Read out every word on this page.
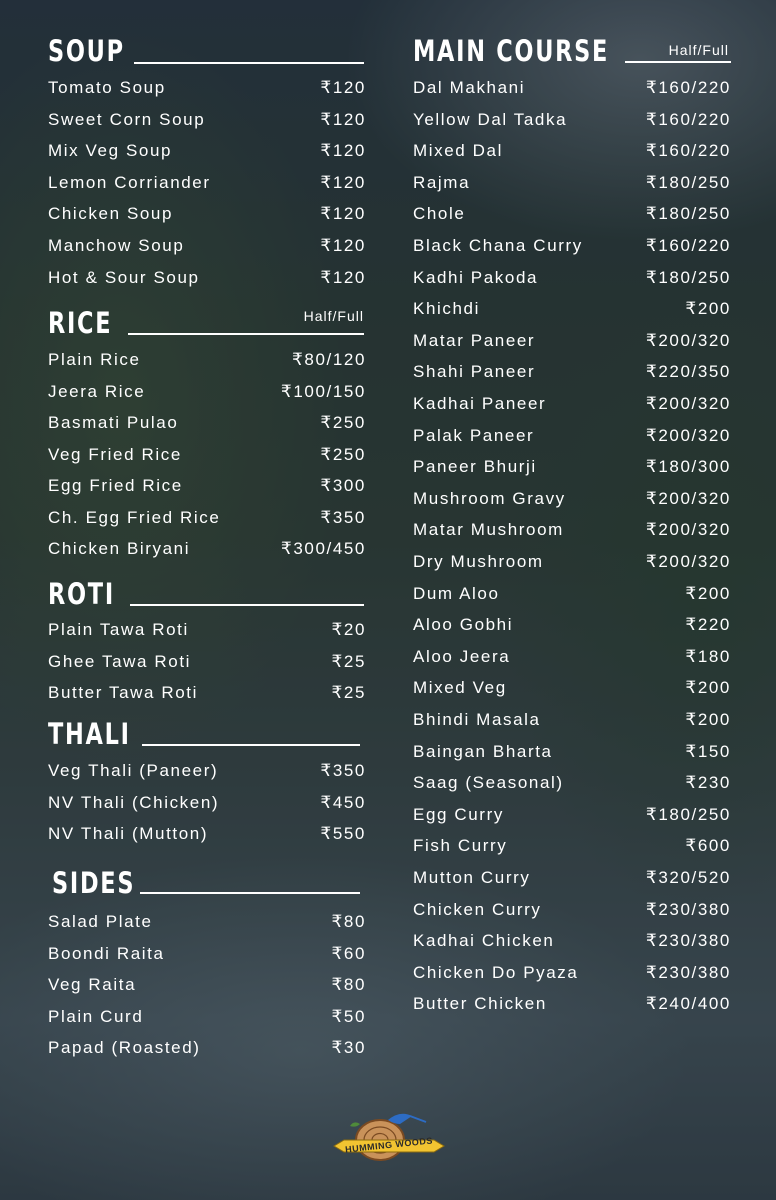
SOUP
Tomato Soup	₹120
Sweet Corn Soup	₹120
Mix Veg Soup	₹120
Lemon Corriander	₹120
Chicken Soup	₹120
Manchow Soup	₹120
Hot & Sour Soup	₹120
RICE	Half/Full
Plain Rice	₹80/120
Jeera Rice	₹100/150
Basmati Pulao	₹250
Veg Fried Rice	₹250
Egg Fried Rice	₹300
Ch. Egg Fried Rice	₹350
Chicken Biryani	₹300/450
ROTI
Plain Tawa Roti	₹20
Ghee Tawa Roti	₹25
Butter Tawa Roti	₹25
THALI
Veg Thali (Paneer)	₹350
NV Thali (Chicken)	₹450
NV Thali (Mutton)	₹550
SIDES
Salad Plate	₹80
Boondi Raita	₹60
Veg Raita	₹80
Plain Curd	₹50
Papad (Roasted)	₹30
MAIN COURSE	Half/Full
Dal Makhani	₹160/220
Yellow Dal Tadka	₹160/220
Mixed Dal	₹160/220
Rajma	₹180/250
Chole	₹180/250
Black Chana Curry	₹160/220
Kadhi Pakoda	₹180/250
Khichdi	₹200
Matar Paneer	₹200/320
Shahi Paneer	₹220/350
Kadhai Paneer	₹200/320
Palak Paneer	₹200/320
Paneer Bhurji	₹180/300
Mushroom Gravy	₹200/320
Matar Mushroom	₹200/320
Dry Mushroom	₹200/320
Dum Aloo	₹200
Aloo Gobhi	₹220
Aloo Jeera	₹180
Mixed Veg	₹200
Bhindi Masala	₹200
Baingan Bharta	₹150
Saag (Seasonal)	₹230
Egg Curry	₹180/250
Fish Curry	₹600
Mutton Curry	₹320/520
Chicken Curry	₹230/380
Kadhai Chicken	₹230/380
Chicken Do Pyaza	₹230/380
Butter Chicken	₹240/400
HUMMING WOODS
